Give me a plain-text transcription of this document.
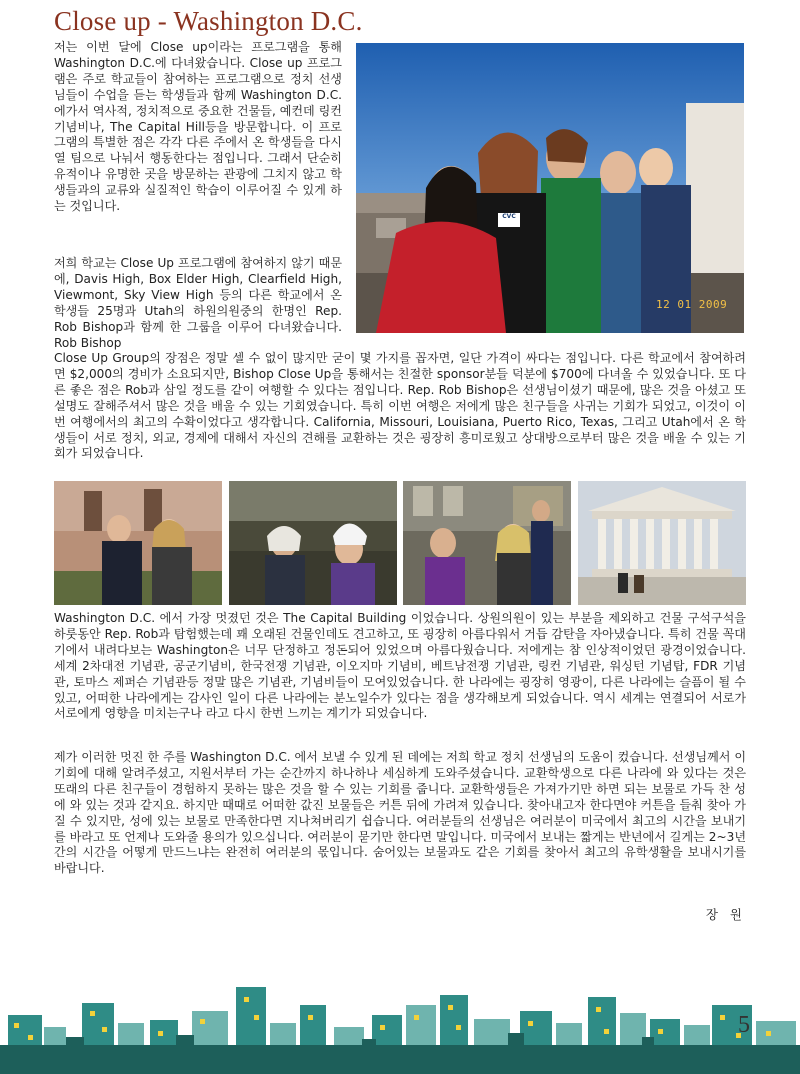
Close up - Washington D.C.

저는 이번 달에 Close up이라는 프로그램을 통해 Washington D.C.에 다녀왔습니다. Close up 프로그램은 주로 학교들이 참여하는 프로그램으로 정치 선생님들이 수업을 듣는 학생들과 함께 Washington D.C.에가서 역사적, 정치적으로 중요한 건물들, 예컨데 링컨 기념비나, The Capital Hill등을 방문합니다. 이 프로그램의 특별한 점은 각각 다른 주에서 온 학생들을 다시 열 팀으로 나눠서 행동한다는 점입니다. 그래서 단순히 유적이나 유명한 곳을 방문하는 관광에 그치지 않고 학생들과의 교류와 실질적인 학습이 이루어질 수 있게 하는 것입니다.

저희 학교는 Close Up 프로그램에 참여하지 않기 때문에, Davis High, Box Elder High, Clearfield High, Viewmont, Sky View High 등의 다른 학교에서 온 학생들 25명과 Utah의 하원의원중의 한명인 Rep. Rob Bishop과 함께 한 그룹을 이루어 다녀왔습니다. Rob Bishop

Close Up Group의 장점은 정말 셀 수 없이 많지만 굳이 몇 가지를 꼽자면, 일단 가격이 싸다는 점입니다. 다른 학교에서 참여하려면 $2,000의 경비가 소요되지만, Bishop Close Up을 통해서는 친절한 sponsor분들 덕분에 $700에 다녀올 수 있었습니다. 또 다른 좋은 점은 Rob과 삼일 정도를 같이 여행할 수 있다는 점입니다. Rep. Rob Bishop은 선생님이셨기 때문에, 많은 것을 아셨고 또 설명도 잘해주셔서 많은 것을 배울 수 있는 기회였습니다. 특히 이번 여행은 저에게 많은 친구들을 사귀는 기회가 되었고, 이것이 이번 여행에서의 최고의 수확이었다고 생각합니다. California, Missouri, Louisiana, Puerto Rico, Texas, 그리고 Utah에서 온 학생들이 서로 정치, 외교, 경제에 대해서 자신의 견해를 교환하는 것은 굉장히 흥미로웠고 상대방으로부터 많은 것을 배울 수 있는 기회가 되었습니다.

Washington D.C. 에서 가장 멋졌던 것은 The Capital Building 이었습니다. 상원의원이 있는 부분을 제외하고 건물 구석구석을 하룻동안 Rep. Rob과 탐험했는데 꽤 오래된 건물인데도 견고하고, 또 굉장히 아름다워서 거듭 감탄을 자아냈습니다. 특히 건물 꼭대기에서 내려다보는 Washington은 너무 단정하고 정돈되어 있었으며 아름다웠습니다. 저에게는 참 인상적이었던 광경이었습니다. 세계 2차대전 기념관, 공군기념비, 한국전쟁 기념관, 이오지마 기념비, 베트남전쟁 기념관, 링컨 기념관, 워싱턴 기념탑, FDR 기념관, 토마스 제퍼슨 기념관등 정말 많은 기념관, 기념비들이 모여있었습니다. 한 나라에는 굉장히 영광이, 다른 나라에는 슬픔이 될 수 있고, 어떠한 나라에게는 감사인 일이 다른 나라에는 분노일수가 있다는 점을 생각해보게 되었습니다. 역시 세계는 연결되어 서로가 서로에게 영향을 미치는구나 라고 다시 한번 느끼는 계기가 되었습니다.

제가 이러한 멋진 한 주를 Washington D.C. 에서 보낼 수 있게 된 데에는 저희 학교 정치 선생님의 도움이 컸습니다. 선생님께서 이 기회에 대해 알려주셨고, 지원서부터 가는 순간까지 하나하나 세심하게 도와주셨습니다. 교환학생으로 다른 나라에 와 있다는 것은 또래의 다른 친구들이 경험하지 못하는 많은 것을 할 수 있는 기회를 줍니다. 교환학생들은 가져가기만 하면 되는 보물로 가득 찬 성에 와 있는 것과 같지요. 하지만 때때로 어떠한 값진 보물들은 커튼 뒤에 가려져 있습니다. 찾아내고자 한다면야 커튼을 들춰 찾아 가질 수 있지만, 성에 있는 보물로 만족한다면 지나쳐버리기 쉽습니다. 여러분들의 선생님은 여러분이 미국에서 최고의 시간을 보내기를 바라고 또 언제나 도와줄 용의가 있으십니다. 여러분이 묻기만 한다면 말입니다. 미국에서 보내는 짧게는 반년에서 길게는 2~3년간의 시간을 어떻게 만드느냐는 완전히 여러분의 몫입니다. 숨어있는 보물과도 같은 기회를 찾아서 최고의 유학생활을 보내시기를 바랍니다.

장 원
CVC
12 01 2009
5
